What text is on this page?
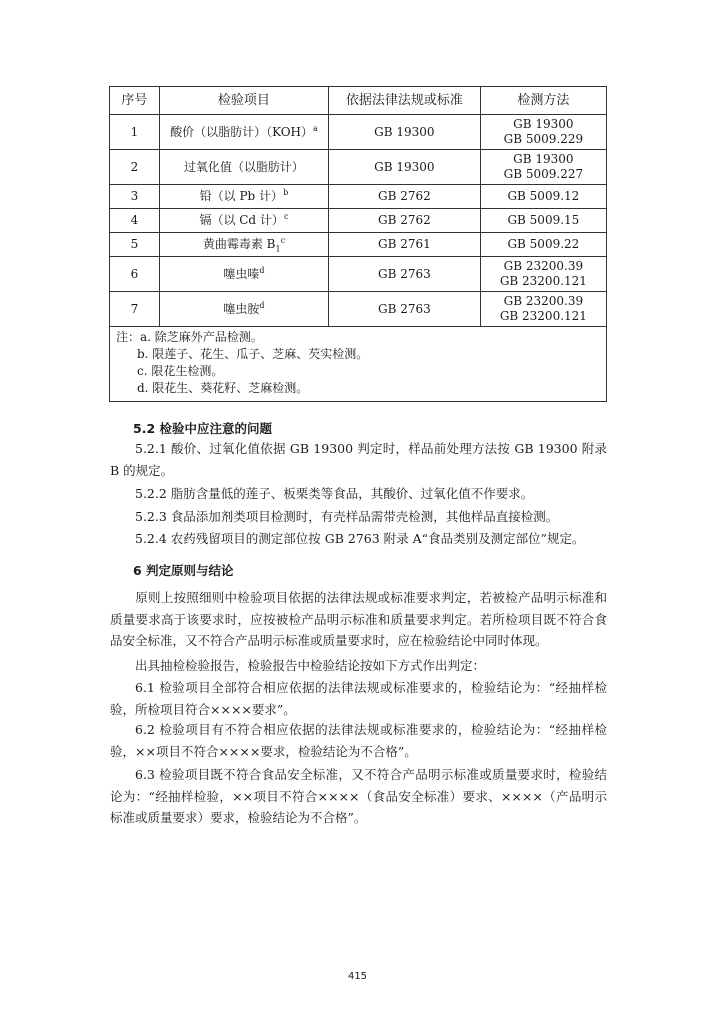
序号	检验项目	依据法律法规或标准	检测方法
1	酸价（以脂肪计）（KOH）$^a$	GB 19300	GB 19300
GB 5009.229

2	过氧化值（以脂肪计）	GB 19300	GB 19300
GB 5009.227

3	铅（以 Pb 计）$^b$	GB 2762	GB 5009.12
4	镉（以 Cd 计）$^c$	GB 2762	GB 5009.15
5	黄曲霉毒素 $B_1^c$	GB 2761	GB 5009.22
6	噻虫嗪$^d$	GB 2763	GB 23200.39
GB 23200.121

7	噻虫胺$^d$	GB 2763	GB 23200.39
GB 23200.121

注：a. 除芝麻外产品检测。
b. 限莲子、花生、瓜子、芝麻、芡实检测。
c. 限花生检测。
d. 限花生、葵花籽、芝麻检测。			
5.2 检验中应注意的问题
5.2.1 酸价、过氧化值依据 GB 19300 判定时，样品前处理方法按 GB 19300 附录 B 的规定。
5.2.2 脂肪含量低的莲子、板栗类等食品，其酸价、过氧化值不作要求。
5.2.3 食品添加剂类项目检测时，有壳样品需带壳检测，其他样品直接检测。
5.2.4 农药残留项目的测定部位按 GB 2763 附录 A“食品类别及测定部位”规定。
6 判定原则与结论
原则上按照细则中检验项目依据的法律法规或标准要求判定，若被检产品明示标准和质量要求高于该要求时，应按被检产品明示标准和质量要求判定。若所检项目既不符合食品安全标准，又不符合产品明示标准或质量要求时，应在检验结论中同时体现。
出具抽检检验报告，检验报告中检验结论按如下方式作出判定：
6.1 检验项目全部符合相应依据的法律法规或标准要求的，检验结论为：“经抽样检验，所检项目符合××××要求”。
6.2 检验项目有不符合相应依据的法律法规或标准要求的，检验结论为：“经抽样检验，××项目不符合××××要求，检验结论为不合格”。
6.3 检验项目既不符合食品安全标准，又不符合产品明示标准或质量要求时，检验结论为：“经抽样检验，××项目不符合××××（食品安全标准）要求、××××（产品明示标准或质量要求）要求，检验结论为不合格”。
415
